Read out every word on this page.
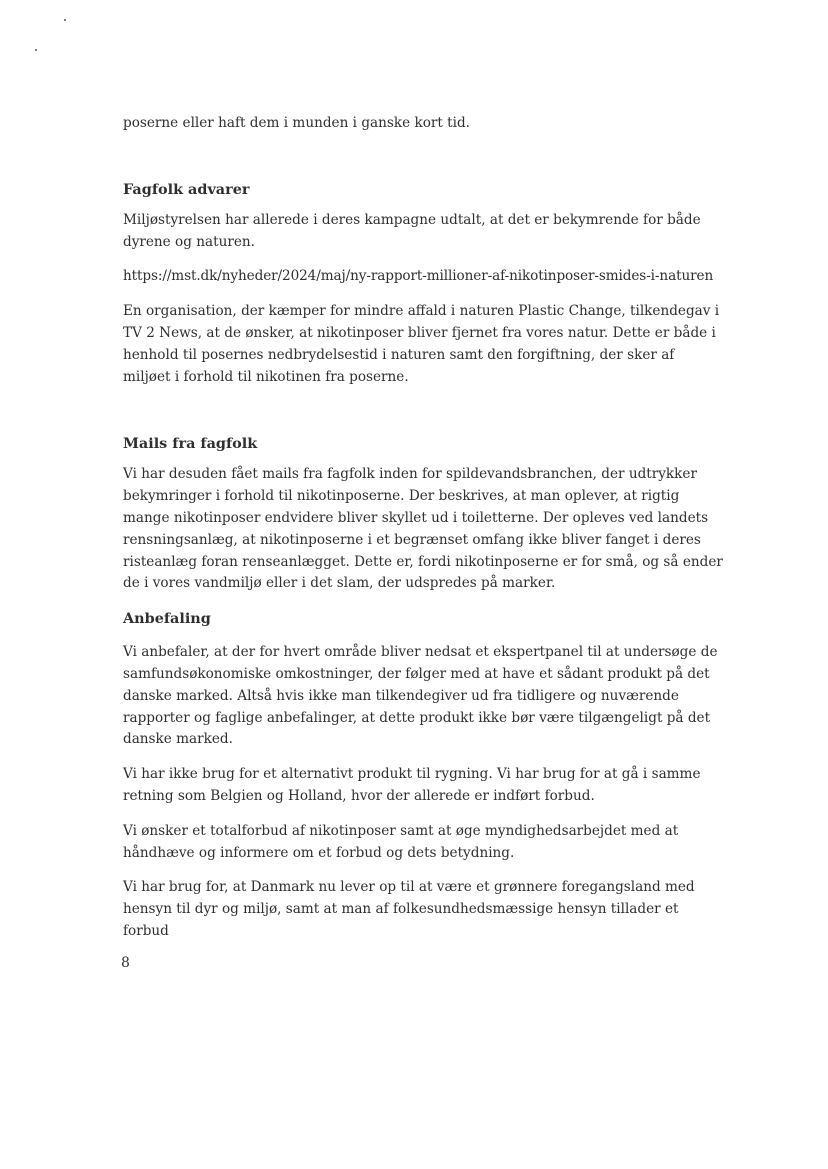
poserne eller haft dem i munden i ganske kort tid.

Fagfolk advarer

Miljøstyrelsen har allerede i deres kampagne udtalt, at det er bekymrende for både dyrene og naturen.

https://mst.dk/nyheder/2024/maj/ny-rapport-millioner-af-nikotinposer-smides-i-naturen

En organisation, der kæmper for mindre affald i naturen Plastic Change, tilkendegav i TV 2 News, at de ønsker, at nikotinposer bliver fjernet fra vores natur. Dette er både i henhold til posernes nedbrydelsestid i naturen samt den forgiftning, der sker af miljøet i forhold til nikotinen fra poserne.

Mails fra fagfolk

Vi har desuden fået mails fra fagfolk inden for spildevandsbranchen, der udtrykker bekymringer i forhold til nikotinposerne. Der beskrives, at man oplever, at rigtig mange nikotinposer endvidere bliver skyllet ud i toiletterne. Der opleves ved landets rensningsanlæg, at nikotinposerne i et begrænset omfang ikke bliver fanget i deres risteanlæg foran renseanlægget. Dette er, fordi nikotinposerne er for små, og så ender de i vores vandmiljø eller i det slam, der udspredes på marker.

Anbefaling

Vi anbefaler, at der for hvert område bliver nedsat et ekspertpanel til at undersøge de samfundsøkonomiske omkostninger, der følger med at have et sådant produkt på det danske marked. Altså hvis ikke man tilkendegiver ud fra tidligere og nuværende rapporter og faglige anbefalinger, at dette produkt ikke bør være tilgængeligt på det danske marked.

Vi har ikke brug for et alternativt produkt til rygning. Vi har brug for at gå i samme retning som Belgien og Holland, hvor der allerede er indført forbud.

Vi ønsker et totalforbud af nikotinposer samt at øge myndighedsarbejdet med at håndhæve og informere om et forbud og dets betydning.

Vi har brug for, at Danmark nu lever op til at være et grønnere foregangsland med hensyn til dyr og miljø, samt at man af folkesundhedsmæssige hensyn tillader et forbud

8
